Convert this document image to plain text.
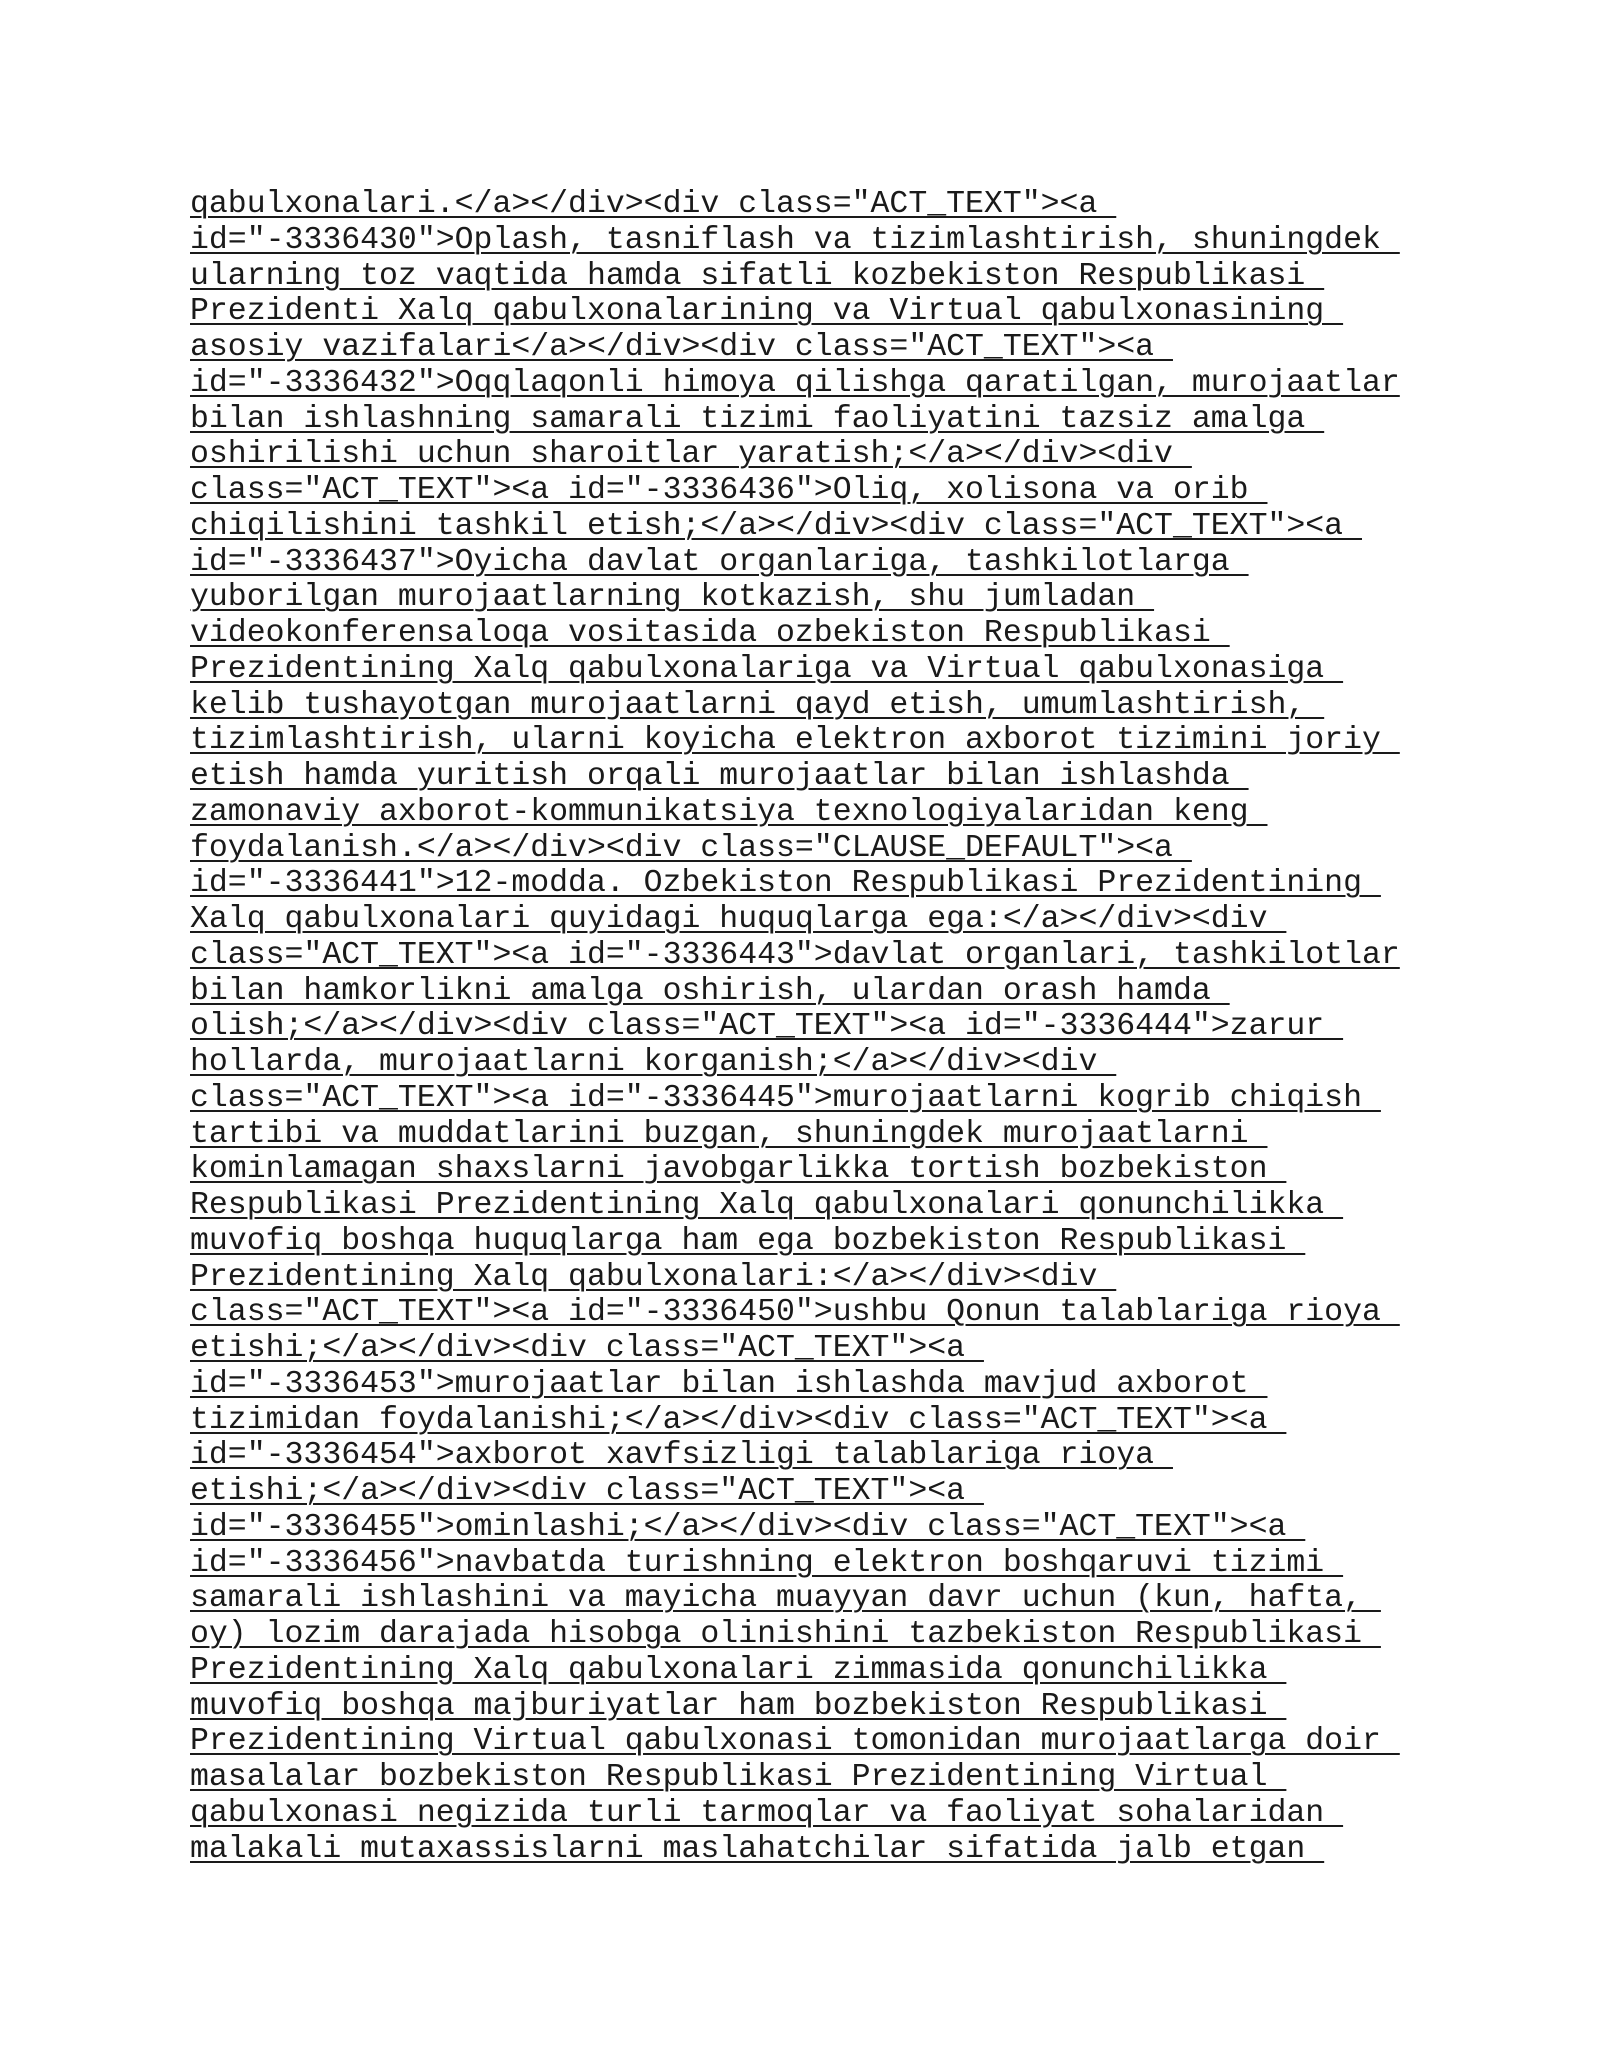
qabulxonalari.</a></div><div class="ACT_TEXT"><a
id="-3336430">Oplash, tasniflash va tizimlashtirish, shuningdek
ularning toz vaqtida hamda sifatli kozbekiston Respublikasi
Prezidenti Xalq qabulxonalarining va Virtual qabulxonasining
asosiy vazifalari</a></div><div class="ACT_TEXT"><a
id="-3336432">Oqqlaqonli himoya qilishga qaratilgan, murojaatlar
bilan ishlashning samarali tizimi faoliyatini tazsiz amalga
oshirilishi uchun sharoitlar yaratish;</a></div><div
class="ACT_TEXT"><a id="-3336436">Oliq, xolisona va orib
chiqilishini tashkil etish;</a></div><div class="ACT_TEXT"><a
id="-3336437">Oyicha davlat organlariga, tashkilotlarga
yuborilgan murojaatlarning kotkazish, shu jumladan
videokonferensaloqa vositasida ozbekiston Respublikasi
Prezidentining Xalq qabulxonalariga va Virtual qabulxonasiga
kelib tushayotgan murojaatlarni qayd etish, umumlashtirish,
tizimlashtirish, ularni koyicha elektron axborot tizimini joriy
etish hamda yuritish orqali murojaatlar bilan ishlashda
zamonaviy axborot-kommunikatsiya texnologiyalaridan keng
foydalanish.</a></div><div class="CLAUSE_DEFAULT"><a
id="-3336441">12-modda. Ozbekiston Respublikasi Prezidentining
Xalq qabulxonalari quyidagi huquqlarga ega:</a></div><div
class="ACT_TEXT"><a id="-3336443">davlat organlari, tashkilotlar
bilan hamkorlikni amalga oshirish, ulardan orash hamda
olish;</a></div><div class="ACT_TEXT"><a id="-3336444">zarur
hollarda, murojaatlarni korganish;</a></div><div
class="ACT_TEXT"><a id="-3336445">murojaatlarni kogrib chiqish
tartibi va muddatlarini buzgan, shuningdek murojaatlarni
kominlamagan shaxslarni javobgarlikka tortish bozbekiston
Respublikasi Prezidentining Xalq qabulxonalari qonunchilikka
muvofiq boshqa huquqlarga ham ega bozbekiston Respublikasi
Prezidentining Xalq qabulxonalari:</a></div><div
class="ACT_TEXT"><a id="-3336450">ushbu Qonun talablariga rioya
etishi;</a></div><div class="ACT_TEXT"><a
id="-3336453">murojaatlar bilan ishlashda mavjud axborot
tizimidan foydalanishi;</a></div><div class="ACT_TEXT"><a
id="-3336454">axborot xavfsizligi talablariga rioya
etishi;</a></div><div class="ACT_TEXT"><a
id="-3336455">ominlashi;</a></div><div class="ACT_TEXT"><a
id="-3336456">navbatda turishning elektron boshqaruvi tizimi
samarali ishlashini va mayicha muayyan davr uchun (kun, hafta,
oy) lozim darajada hisobga olinishini tazbekiston Respublikasi
Prezidentining Xalq qabulxonalari zimmasida qonunchilikka
muvofiq boshqa majburiyatlar ham bozbekiston Respublikasi
Prezidentining Virtual qabulxonasi tomonidan murojaatlarga doir
masalalar bozbekiston Respublikasi Prezidentining Virtual
qabulxonasi negizida turli tarmoqlar va faoliyat sohalaridan
malakali mutaxassislarni maslahatchilar sifatida jalb etgan
